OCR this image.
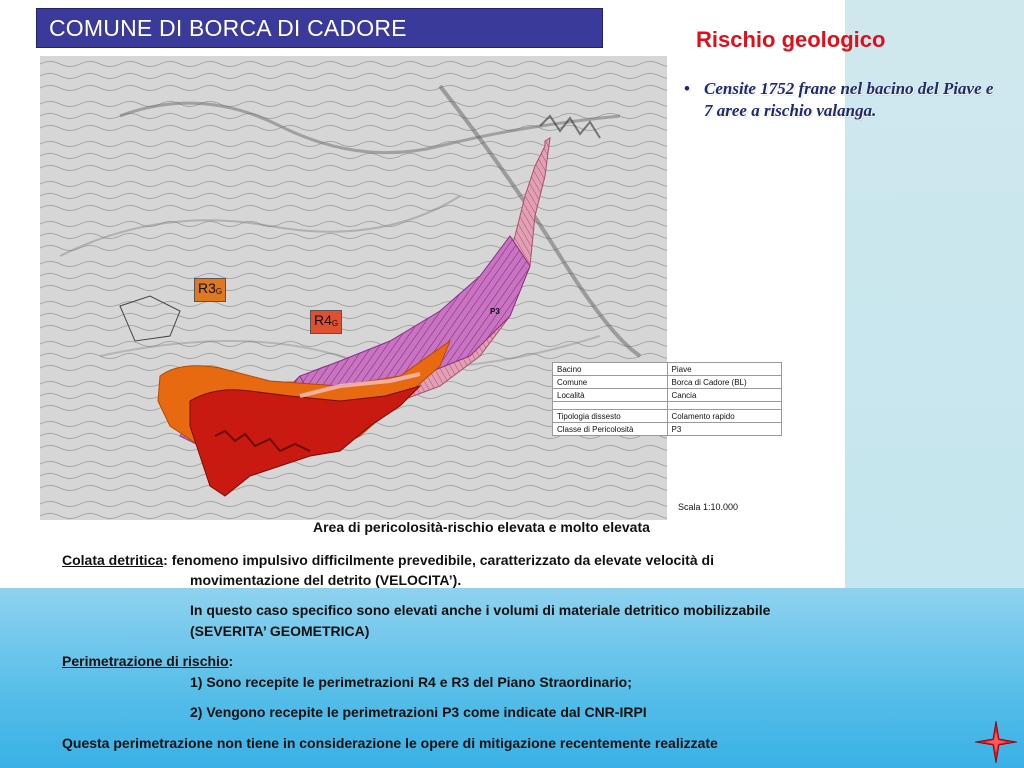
COMUNE DI BORCA DI CADORE	Rischio geologico
• Censite 1752 frane nel bacino del Piave e 7 aree a rischio valanga.
$R3_G$
$R4_G$
P3
Bacino	Piave
Comune	Borca di Cadore (BL)
Località	Cancia

Tipologia dissesto	Colamento rapido
Classe di Pericolosità	P3
Scala 1:10.000
Area di pericolosità-rischio elevata e molto elevata
Colata detritica: fenomeno impulsivo difficilmente prevedibile, caratterizzato da elevate velocità di
movimentazione del detrito (VELOCITA’).
In questo caso specifico sono elevati anche i volumi di materiale detritico mobilizzabile
(SEVERITA’ GEOMETRICA)
Perimetrazione di rischio:
1) Sono recepite le perimetrazioni R4 e R3 del Piano Straordinario;
2) Vengono recepite le perimetrazioni P3 come indicate dal CNR-IRPI
Questa perimetrazione non tiene in considerazione le opere di mitigazione recentemente realizzate
